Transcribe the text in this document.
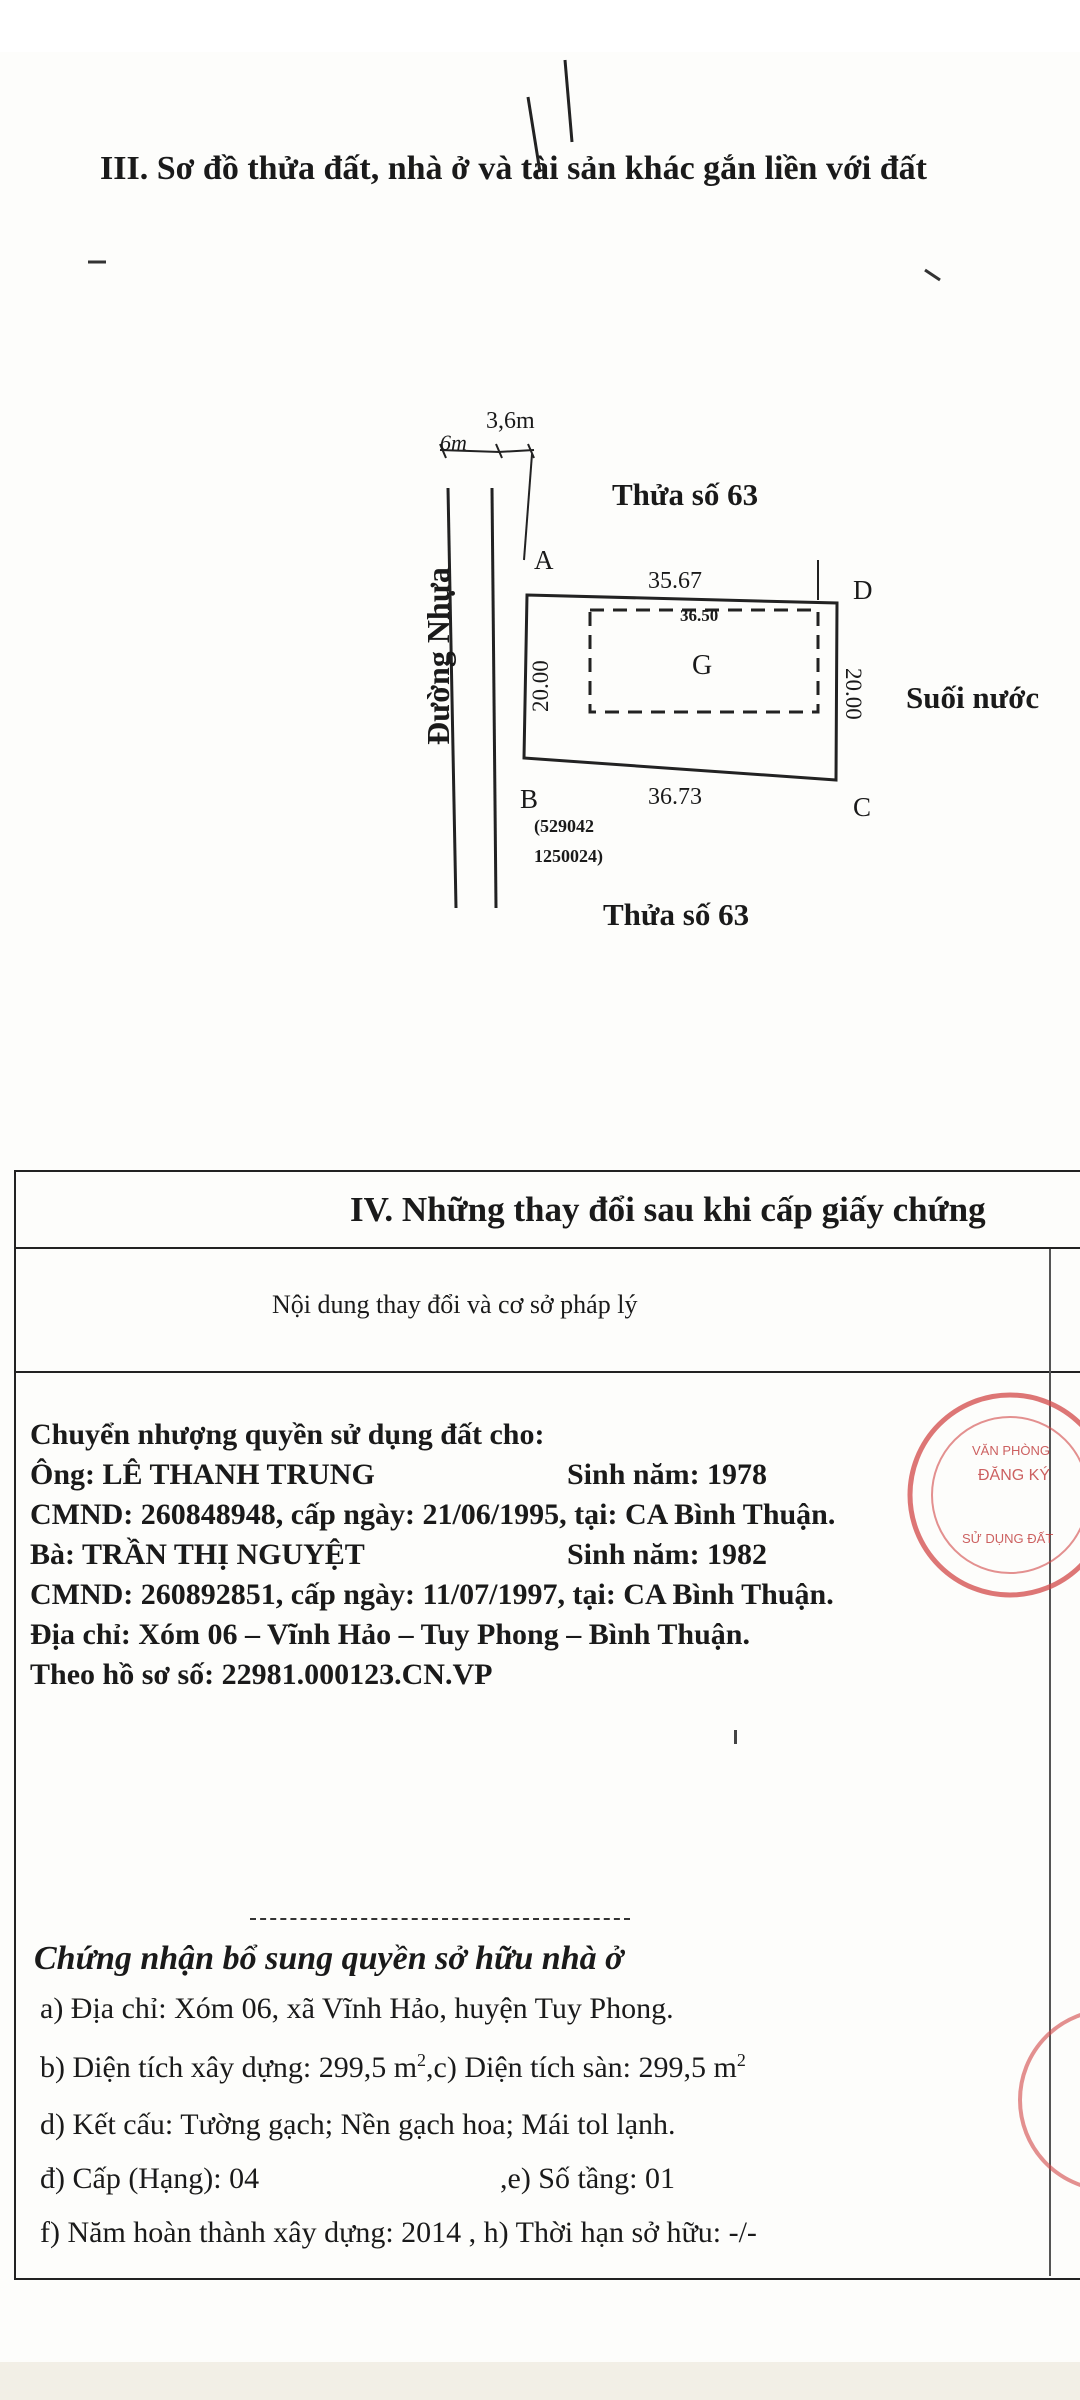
III. Sơ đồ thửa đất, nhà ở và tài sản khác gắn liền với đất
3,6m
6m
Thửa số 63
Thửa số 63
Đường Nhựa	Suối nước
A
B	C
D
35.67
36.73
20.00	20.00
36.50
G
(529042
1250024)
IV. Những thay đổi sau khi cấp giấy chứng
Nội dung thay đổi và cơ sở pháp lý
Chuyển nhượng quyền sử dụng đất cho:
Ông: LÊ THANH TRUNG	Sinh năm: 1978
CMND: 260848948, cấp ngày: 21/06/1995, tại: CA Bình Thuận.
Bà: TRẦN THỊ NGUYỆT	Sinh năm: 1982
CMND: 260892851, cấp ngày: 11/07/1997, tại: CA Bình Thuận.
Địa chỉ: Xóm 06 – Vĩnh Hảo – Tuy Phong – Bình Thuận.
Theo hồ sơ số: 22981.000123.CN.VP
VĂN PHÒNG
ĐĂNG KÝ
SỬ DỤNG ĐẤT
Chứng nhận bổ sung quyền sở hữu nhà ở
a) Địa chỉ: Xóm 06, xã Vĩnh Hảo, huyện Tuy Phong.
b) Diện tích xây dựng: 299,5 $m^2,c$) Diện tích sàn: 299,5 $m^2$
d) Kết cấu: Tường gạch; Nền gạch hoa; Mái tol lạnh.
đ) Cấp (Hạng): 04	,e) Số tầng: 01
f) Năm hoàn thành xây dựng: 2014 , h) Thời hạn sở hữu: -/-
